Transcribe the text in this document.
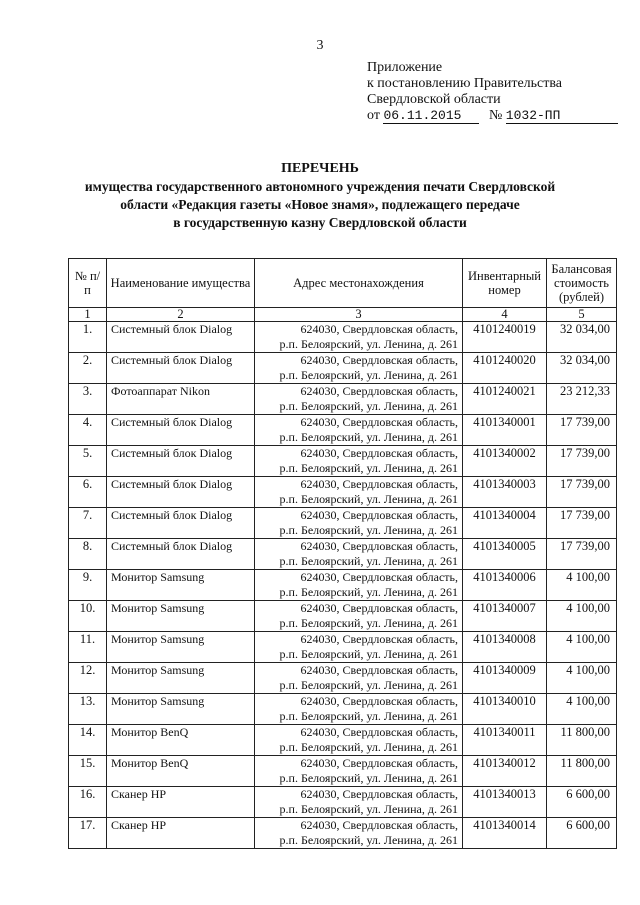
3
Приложение
к постановлению Правительства
Свердловской области
от 06.11.2015 № 1032-ПП
ПЕРЕЧЕНЬ
имущества государственного автономного учреждения печати Свердловской
области «Редакция газеты «Новое знамя», подлежащего передаче
в государственную казну Свердловской области
№ п/п	Наименование имущества	Адрес местонахождения	Инвентарный номер	Балансовая стоимость (рублей)
1	2	3	4	5
1.	Системный блок Dialog	624030, Свердловская область,
р.п. Белоярский, ул. Ленина, д. 261	4101240019	32 034,00
2.	Системный блок Dialog	624030, Свердловская область,
р.п. Белоярский, ул. Ленина, д. 261	4101240020	32 034,00
3.	Фотоаппарат Nikon	624030, Свердловская область,
р.п. Белоярский, ул. Ленина, д. 261	4101240021	23 212,33
4.	Системный блок Dialog	624030, Свердловская область,
р.п. Белоярский, ул. Ленина, д. 261	4101340001	17 739,00
5.	Системный блок Dialog	624030, Свердловская область,
р.п. Белоярский, ул. Ленина, д. 261	4101340002	17 739,00
6.	Системный блок Dialog	624030, Свердловская область,
р.п. Белоярский, ул. Ленина, д. 261	4101340003	17 739,00
7.	Системный блок Dialog	624030, Свердловская область,
р.п. Белоярский, ул. Ленина, д. 261	4101340004	17 739,00
8.	Системный блок Dialog	624030, Свердловская область,
р.п. Белоярский, ул. Ленина, д. 261	4101340005	17 739,00
9.	Монитор Samsung	624030, Свердловская область,
р.п. Белоярский, ул. Ленина, д. 261	4101340006	4 100,00
10.	Монитор Samsung	624030, Свердловская область,
р.п. Белоярский, ул. Ленина, д. 261	4101340007	4 100,00
11.	Монитор Samsung	624030, Свердловская область,
р.п. Белоярский, ул. Ленина, д. 261	4101340008	4 100,00
12.	Монитор Samsung	624030, Свердловская область,
р.п. Белоярский, ул. Ленина, д. 261	4101340009	4 100,00
13.	Монитор Samsung	624030, Свердловская область,
р.п. Белоярский, ул. Ленина, д. 261	4101340010	4 100,00
14.	Монитор BenQ	624030, Свердловская область,
р.п. Белоярский, ул. Ленина, д. 261	4101340011	11 800,00
15.	Монитор BenQ	624030, Свердловская область,
р.п. Белоярский, ул. Ленина, д. 261	4101340012	11 800,00
16.	Сканер HP	624030, Свердловская область,
р.п. Белоярский, ул. Ленина, д. 261	4101340013	6 600,00
17.	Сканер HP	624030, Свердловская область,
р.п. Белоярский, ул. Ленина, д. 261	4101340014	6 600,00
